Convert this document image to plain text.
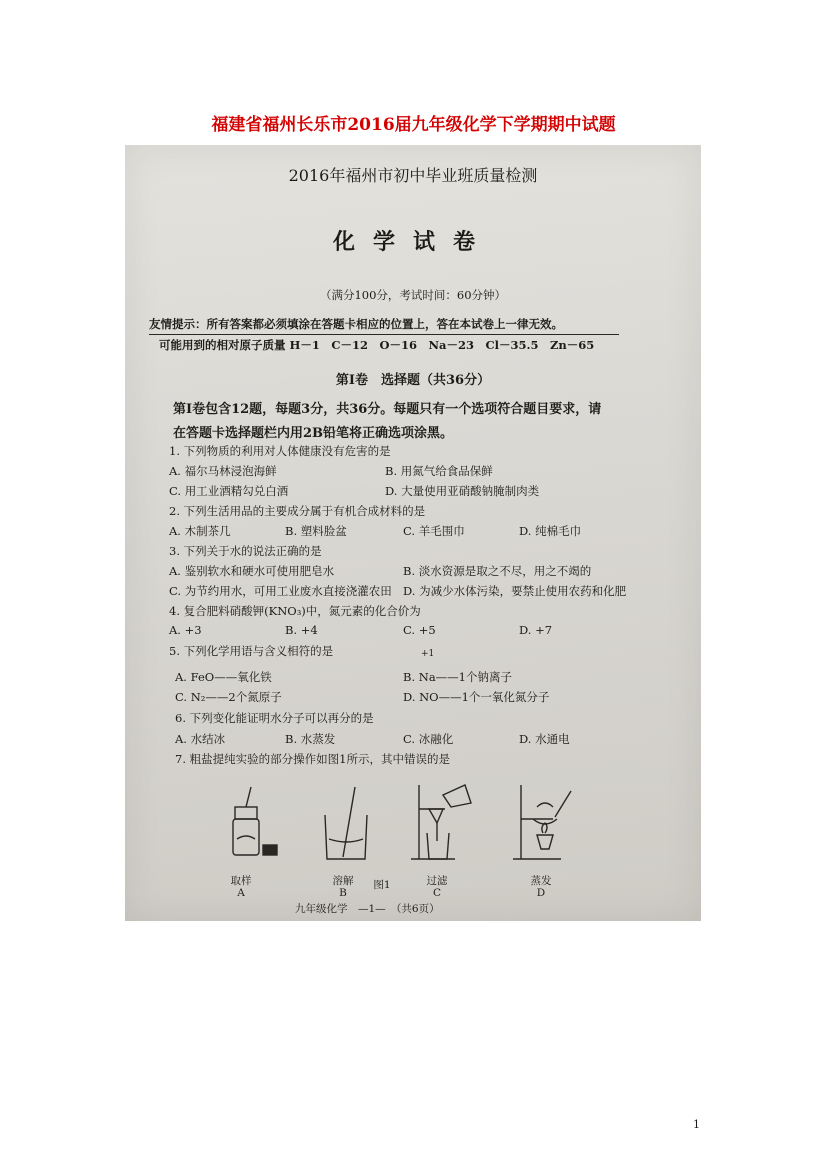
福建省福州长乐市2016届九年级化学下学期期中试题
2016年福州市初中毕业班质量检测
化学试卷
（满分100分，考试时间：60分钟）
友情提示：所有答案都必须填涂在答题卡相应的位置上，答在本试卷上一律无效。
可能用到的相对原子质量 H－1　C－12　O－16　Na－23　Cl－35.5　Zn－65
第Ⅰ卷　选择题（共36分）
第Ⅰ卷包含12题，每题3分，共36分。每题只有一个选项符合题目要求，请
在答题卡选择题栏内用2B铅笔将正确选项涂黑。
1. 下列物质的利用对人体健康没有危害的是
A. 福尔马林浸泡海鲜	B. 用氮气给食品保鲜
C. 用工业酒精勾兑白酒	D. 大量使用亚硝酸钠腌制肉类
2. 下列生活用品的主要成分属于有机合成材料的是
A. 木制茶几	B. 塑料脸盆	C. 羊毛围巾	D. 纯棉毛巾
3. 下列关于水的说法正确的是
A. 鉴别软水和硬水可使用肥皂水	B. 淡水资源是取之不尽，用之不竭的
C. 为节约用水，可用工业废水直接浇灌农田 D. 为减少水体污染，要禁止使用农药和化肥
4. 复合肥料硝酸钾(KNO₃)中，氮元素的化合价为
A. +3	B. +4	C. +5	D. +7
5. 下列化学用语与含义相符的是	+1
A. FeO——氧化铁	B. Na——1个钠离子
C. N₂——2个氮原子	D. NO——1个一氧化氮分子
6. 下列变化能证明水分子可以再分的是
A. 水结冰	B. 水蒸发	C. 冰融化	D. 水通电
7. 粗盐提纯实验的部分操作如图1所示，其中错误的是
取样
A
溶解
B
图1	过滤
C
蒸发
D
九年级化学　—1—　（共6页）
1
